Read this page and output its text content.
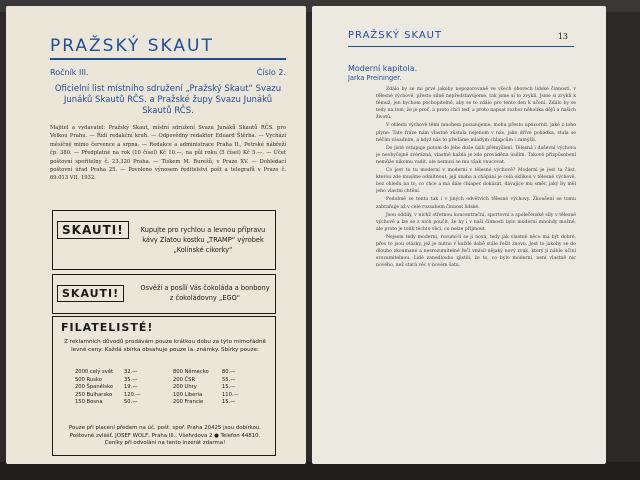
PRAŽSKÝ SKAUT
Ročník III.	Číslo 2.
Oficielní list místního sdružení „Pražský Skaut“ Svazu Junáků Skautů RČS. a Pražské župy Svazu Junáků Skautů RČS.
Majitel a vydavatel: Pražský Skaut, místní sdružení Svazu Junáků Skautů RČS. pro Velkou Prahu. — Řídí redakční kruh. — Odpovědný redaktor Eduard Štěrba. — Vychází měsíčně mimo července a srpna. — Redakce a administrace Praha II., Petrské nábřeží čp. 380. — Předplatné na rok (10 čísel) Kč 10.—, na půl roku (5 čísel) Kč 5.—. — Účet poštovní spořitelny č. 23.320 Praha. — Tiskem M. Burešů, v Praze XV. — Dohlédací poštovní úřad Praha 25. — Povoleno výnosem ředitelství pošt a telegrafů v Praze č. 69.013 VII. 1932.
SKAUTI!	Kupujte pro rychlou a levnou přípravu kávy Zlatou kostku „TRAMP“ výrobek „Kolínské cikorky“
SKAUTI!	Osvěží a posílí Vás čokoláda a bonbony z čokoládovny „EGO“
FILATELISTÉ!
Z reklamních důvodů prodávám pouze krátkou dobu za tyto mimořádně levné ceny: Každá sbírka obsahuje pouze la. známky. Sbírky pouze:
2000 celý svět	32.—	800 Německo	80.—
500 Rusko	35.—	200 ČSR	55.—
200 Španělsko	19.—	200 Uhry	15.—
250 Bulharsko	120.—	100 Liberia	110.—
150 Bosna	50.—	200 Francie	15.—
Pouze při placení předem na úč. pošt. spoř. Praha 20425 jsou dobírkou. Poštovné zvlášť. JOSEF WOLF, Praha III., Všehrdova 2 ● Telefon 44810. Ceníky při odvolání na tento inzerát zdarma!
PRAŽSKÝ SKAUT	13
Moderní kapitola.
Jarka Preininger.

Zdálo by se mi prvé jakoby nepozorovaně ve všech oborech lidské činnosti, v tělesné výchově, přesto silně nepředstavujeme, tak jsme si to zvykli. Jsme si zvykli k témuž, jen bychom pochopitelně, aby se to zdálo pro tento den k učení. Zdálo by se tedy na tom, že je proč, a proto chci teď, a proto napsat rozbor několika dějů a našich životů.

V ohledu výchově těmi mnohem posuzujeme, mohu přesto upozornit, jaké z toho plyne: Tato fráze nám vlastně zůstala nejenom v nás, jako dříve pohádka, stala se něčím zásadním, a když nás to předáme mladým chlapcům i zamýšlí.

Do jisté vstupuje potom do jeho duše úsilí přemýšlení. Tělesná i duševní výchova je neobyčejně svérázná, vlastně každá je zde prováděna úsilím. Takové přizpůsobení nemůže nikomu vadit, ale nemusí se mu však vnucovat.

Co jest to tu moderní v moderní v tělesné výchově? Moderní je jest ta část, kterou zde musíme odmítnout, její snaha a chápání je celá oklikou v tělesné výchově, bez ohledu na to, co chce a má dále chlapec dokázat, dávajíce mu směr, jaký by měl jeho vlastní chtění.

Podobně se tento tak i v jiných odvětvích tělesné výchovy. Zkoušení se tomu zabraňuje až v celé rozsahem činnost lidské.

Jsou oddíly, v nichž střetnou koncentrační, sportovní a společenské síly v tělesné výchově a lze se z nich poučit, že by i v naší činnosti bylo moderní mnohdy možné, ale proto je tolik těchto věcí, co nelze přijmout.

Nejsem tedy moderní, rozumí-li se ji nová, tedy jak vlastně něco má být dobré, přes to jsou otázky, jež je nutno v každé době stále řešit znovu. Jest to jakoby se do dlouho zkoumané a nesrozumitelné řeči vmísil nějaký nový zvuk, který ji náhle učiní srozumitelnou. Lidé zanedlouho zjistili, že to, co bylo moderní, není vlastně nic nového, než stará věc v novém šatu.
